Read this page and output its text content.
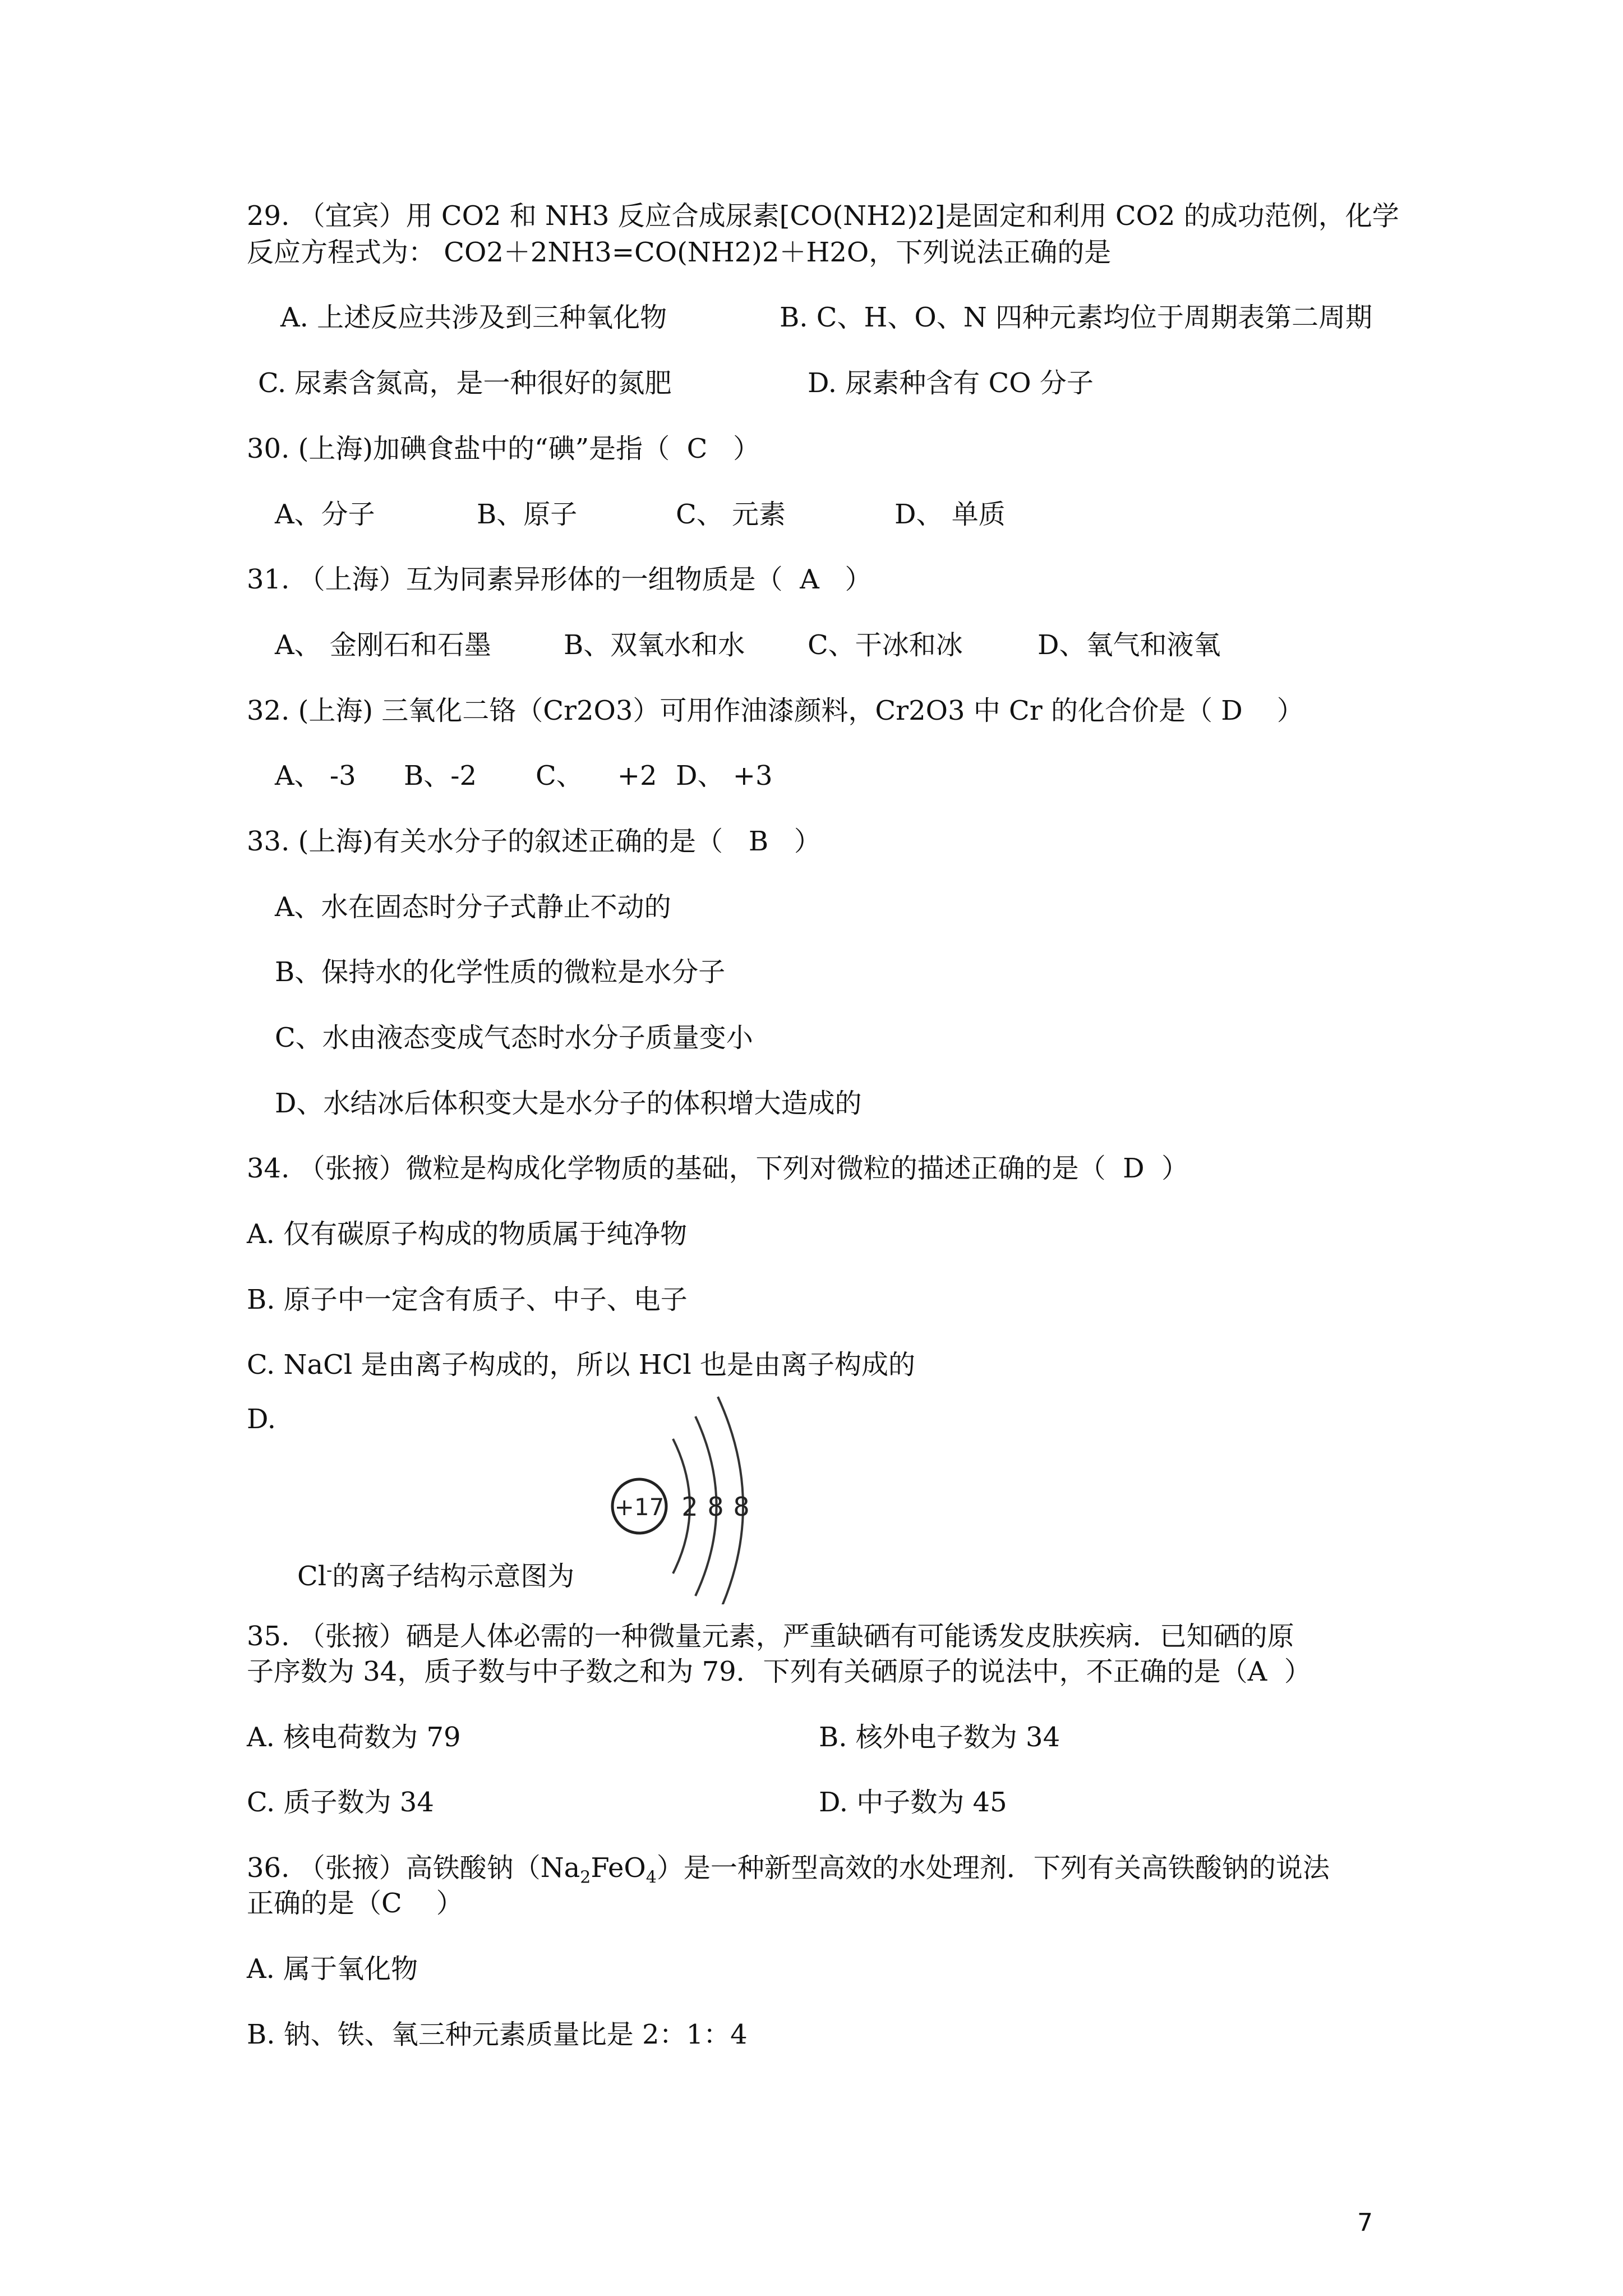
29. （宜宾）用 CO2 和 NH3 反应合成尿素[CO(NH2)2]是固定和利用 CO2 的成功范例，化学
反应方程式为： CO2＋2NH3=CO(NH2)2＋H2O，下列说法正确的是
A. 上述反应共涉及到三种氧化物	B. C、H、O、N 四种元素均位于周期表第二周期
C. 尿素含氮高，是一种很好的氮肥	D. 尿素种含有 CO 分子
30. (上海)加碘食盐中的“碘”是指（  C   ）
A、分子	B、原子	C、 元素	D、 单质
31. （上海）互为同素异形体的一组物质是（  A   ）
A、 金刚石和石墨	B、双氧水和水 C、干冰和冰	D、氧气和液氧
32. (上海) 三氧化二铬（Cr2O3）可用作油漆颜料，Cr2O3 中 Cr 的化合价是（ D    ）
A、 -3 B、-2 C、    +2 D、 +3
33. (上海)有关水分子的叙述正确的是（   B   ）
A、水在固态时分子式静止不动的
B、保持水的化学性质的微粒是水分子
C、水由液态变成气态时水分子质量变小
D、水结冰后体积变大是水分子的体积增大造成的
34. （张掖）微粒是构成化学物质的基础，下列对微粒的描述正确的是（  D  ）
A. 仅有碳原子构成的物质属于纯净物
B. 原子中一定含有质子、中子、电子
C. NaCl 是由离子构成的，所以 HCl 也是由离子构成的
D.
+17 2 8 8
Cl-的离子结构示意图为
35. （张掖）硒是人体必需的一种微量元素，严重缺硒有可能诱发皮肤疾病．已知硒的原
子序数为 34，质子数与中子数之和为 79．下列有关硒原子的说法中，不正确的是（A  ）
A. 核电荷数为 79	B. 核外电子数为 34
C. 质子数为 34	D. 中子数为 45
36. （张掖）高铁酸钠$(Na_2FeO_4)$是一种新型高效的水处理剂．下列有关高铁酸钠的说法
正确的是（C    ）
A. 属于氧化物
B. 钠、铁、氧三种元素质量比是 2：1：4
7
